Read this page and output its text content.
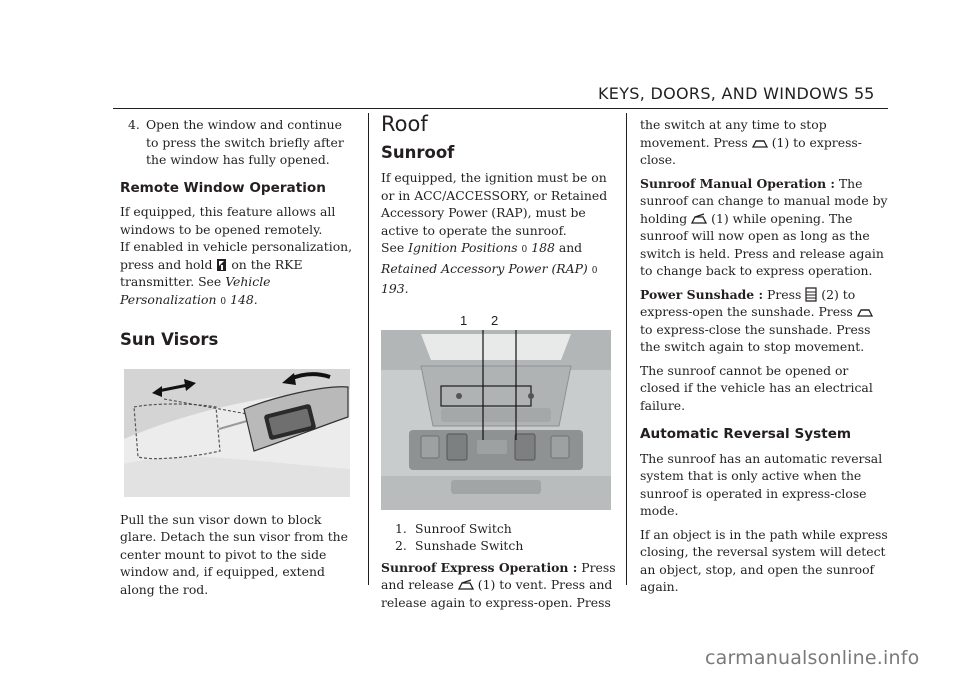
KEYS, DOORS, AND WINDOWS 55
4. Open the window and continue to press the switch briefly after the window has fully opened.

Remote Window Operation

If equipped, this feature allows all windows to be opened remotely.

If enabled in vehicle personalization, press and hold on the RKE transmitter. See Vehicle Personalization 0 148.

Sun Visors

Pull the sun visor down to block glare. Detach the sun visor from the center mount to pivot to the side window and, if equipped, extend along the rod.

Roof

Sunroof

If equipped, the ignition must be on or in ACC/ACCESSORY, or Retained Accessory Power (RAP), must be active to operate the sunroof.

See Ignition Positions 0 188 and Retained Accessory Power (RAP) 0 193.

1 2
1. Sunroof Switch
2. Sunshade Switch

Sunroof Express Operation : Press and release (1) to vent. Press and release again to express-open. Press

the switch at any time to stop movement. Press (1) to express-close.

Sunroof Manual Operation : The sunroof can change to manual mode by holding (1) while opening. The sunroof will now open as long as the switch is held. Press and release again to change back to express operation.

Power Sunshade : Press (2) to express-open the sunshade. Press  to express-close the sunshade. Press the switch again to stop movement.

The sunroof cannot be opened or closed if the vehicle has an electrical failure.

Automatic Reversal System

The sunroof has an automatic reversal system that is only active when the sunroof is operated in express-close mode.

If an object is in the path while express closing, the reversal system will detect an object, stop, and open the sunroof again.

carmanualsonline.info
